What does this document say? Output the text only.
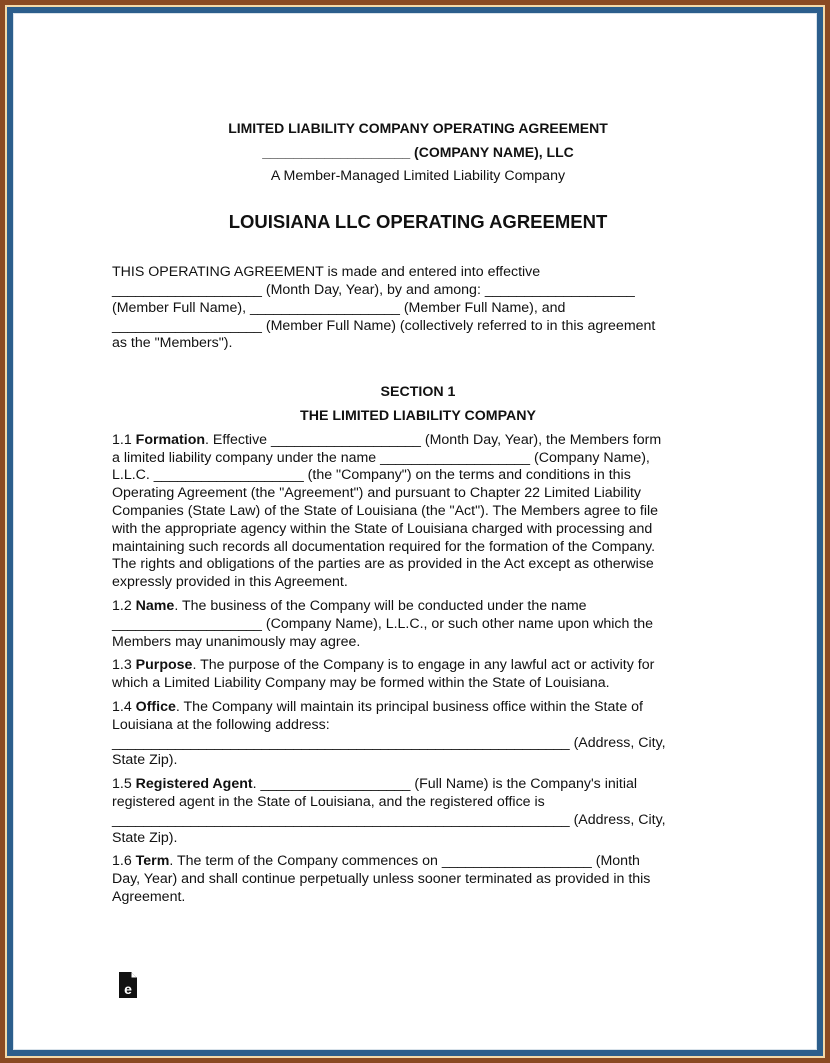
LIMITED LIABILITY COMPANY OPERATING AGREEMENT

___________________ (COMPANY NAME), LLC

A Member-Managed Limited Liability Company

LOUISIANA LLC OPERATING AGREEMENT

THIS OPERATING AGREEMENT is made and entered into effective

___________________ (Month Day, Year), by and among: ___________________

(Member Full Name), ___________________ (Member Full Name), and

___________________ (Member Full Name) (collectively referred to in this agreement

as the "Members").

SECTION 1

THE LIMITED LIABILITY COMPANY

1.1 Formation. Effective ___________________ (Month Day, Year), the Members form

a limited liability company under the name ___________________ (Company Name),

L.L.C. ___________________ (the "Company") on the terms and conditions in this

Operating Agreement (the "Agreement") and pursuant to Chapter 22 Limited Liability

Companies (State Law) of the State of Louisiana (the "Act"). The Members agree to file

with the appropriate agency within the State of Louisiana charged with processing and

maintaining such records all documentation required for the formation of the Company.

The rights and obligations of the parties are as provided in the Act except as otherwise

expressly provided in this Agreement.

1.2 Name. The business of the Company will be conducted under the name

___________________ (Company Name), L.L.C., or such other name upon which the

Members may unanimously may agree.

1.3 Purpose. The purpose of the Company is to engage in any lawful act or activity for

which a Limited Liability Company may be formed within the State of Louisiana.

1.4 Office. The Company will maintain its principal business office within the State of

Louisiana at the following address:

__________________________________________________________ (Address, City,

State Zip).

1.5 Registered Agent. ___________________ (Full Name) is the Company's initial

registered agent in the State of Louisiana, and the registered office is

__________________________________________________________ (Address, City,

State Zip).

1.6 Term. The term of the Company commences on ___________________ (Month

Day, Year) and shall continue perpetually unless sooner terminated as provided in this

Agreement.

e
